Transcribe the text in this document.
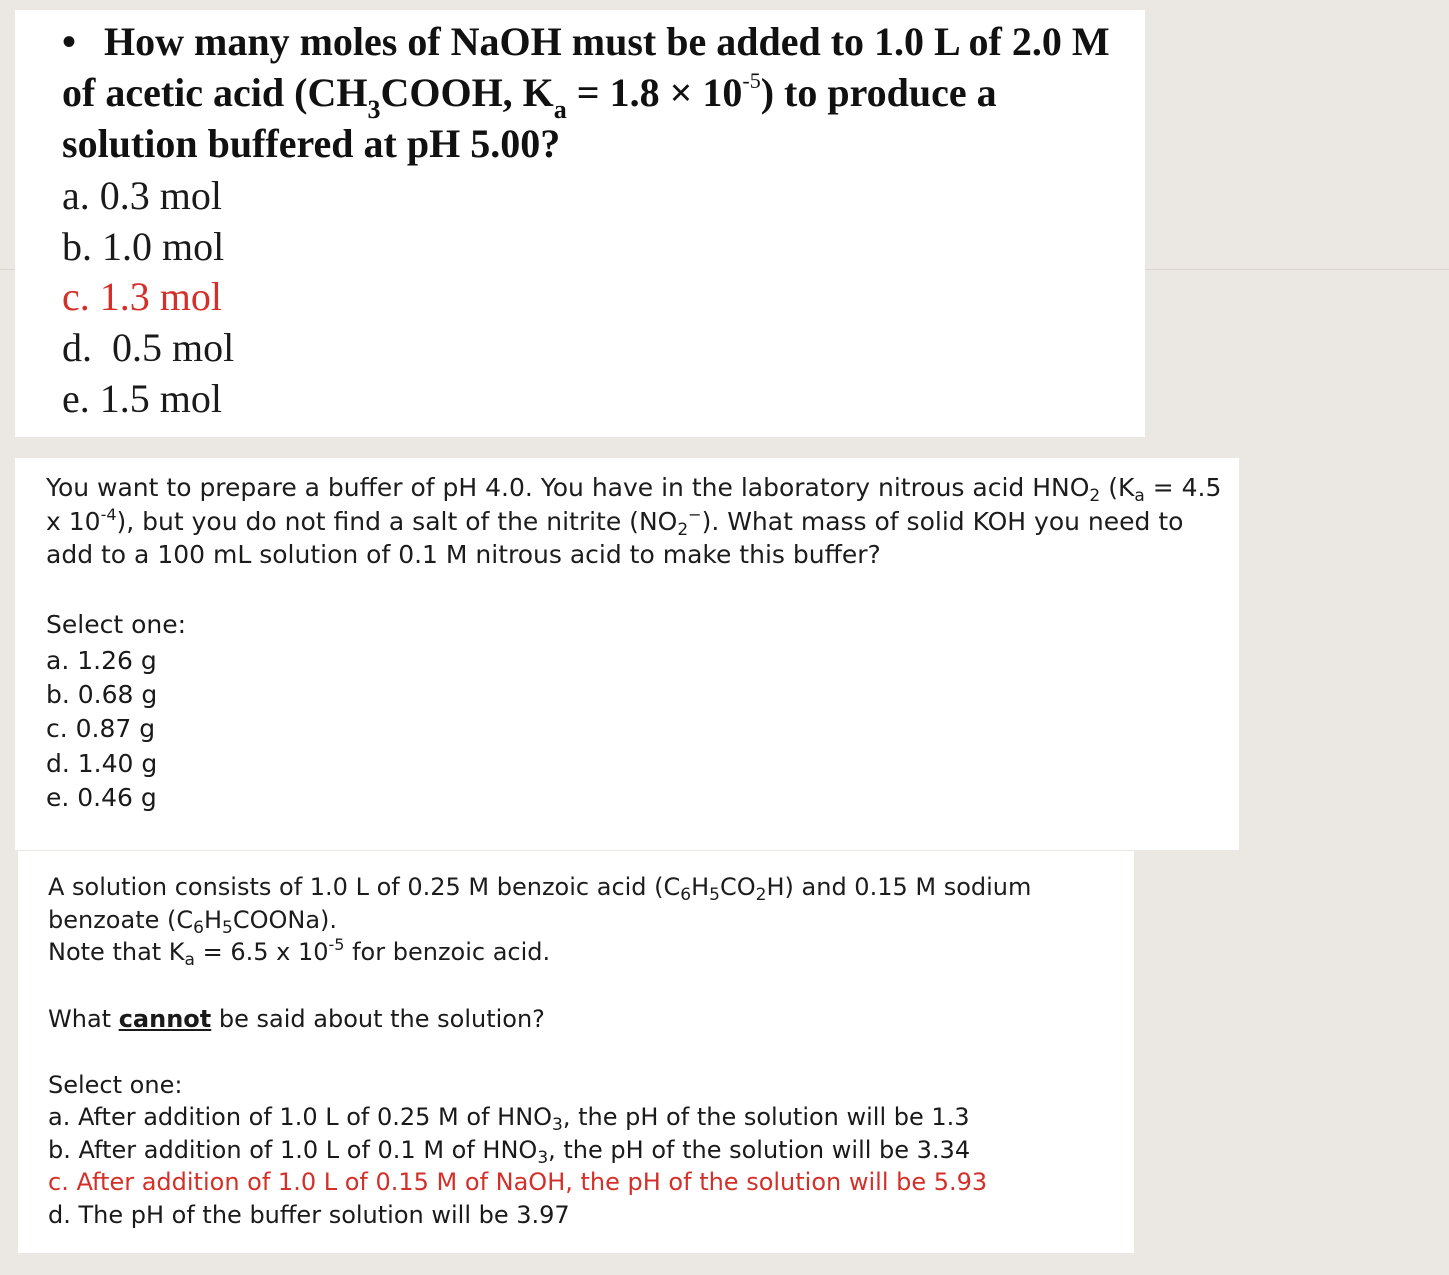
• How many moles of NaOH must be added to 1.0 L of 2.0 M of acetic acid ($CH_3COOH$, $K_a = 1.8 \times 10^{-5}$) to produce a solution buffered at pH 5.00?
a. 0.3 mol
b. 1.0 mol
c. 1.3 mol
d.  0.5 mol
e. 1.5 mol
You want to prepare a buffer of pH 4.0. You have in the laboratory nitrous acid $HNO_2$ ($K_a = 4.5$ x $10^{-4}$), but you do not find a salt of the nitrite $(NO_2^-)$. What mass of solid KOH you need to add to a 100 mL solution of 0.1 M nitrous acid to make this buffer?
Select one:
a. 1.26 g
b. 0.68 g
c. 0.87 g
d. 1.40 g
e. 0.46 g
A solution consists of 1.0 L of 0.25 M benzoic acid $(C_6H_5CO_2H)$ and 0.15 M sodium benzoate $(C_6H_5COONa)$.
Note that $K_a = 6.5$ x $10^{-5}$ for benzoic acid.
What cannot be said about the solution?
Select one:
a. After addition of 1.0 L of 0.25 M of $HNO_3$, the pH of the solution will be 1.3
b. After addition of 1.0 L of 0.1 M of $HNO_3$, the pH of the solution will be 3.34
c. After addition of 1.0 L of 0.15 M of NaOH, the pH of the solution will be 5.93
d. The pH of the buffer solution will be 3.97
